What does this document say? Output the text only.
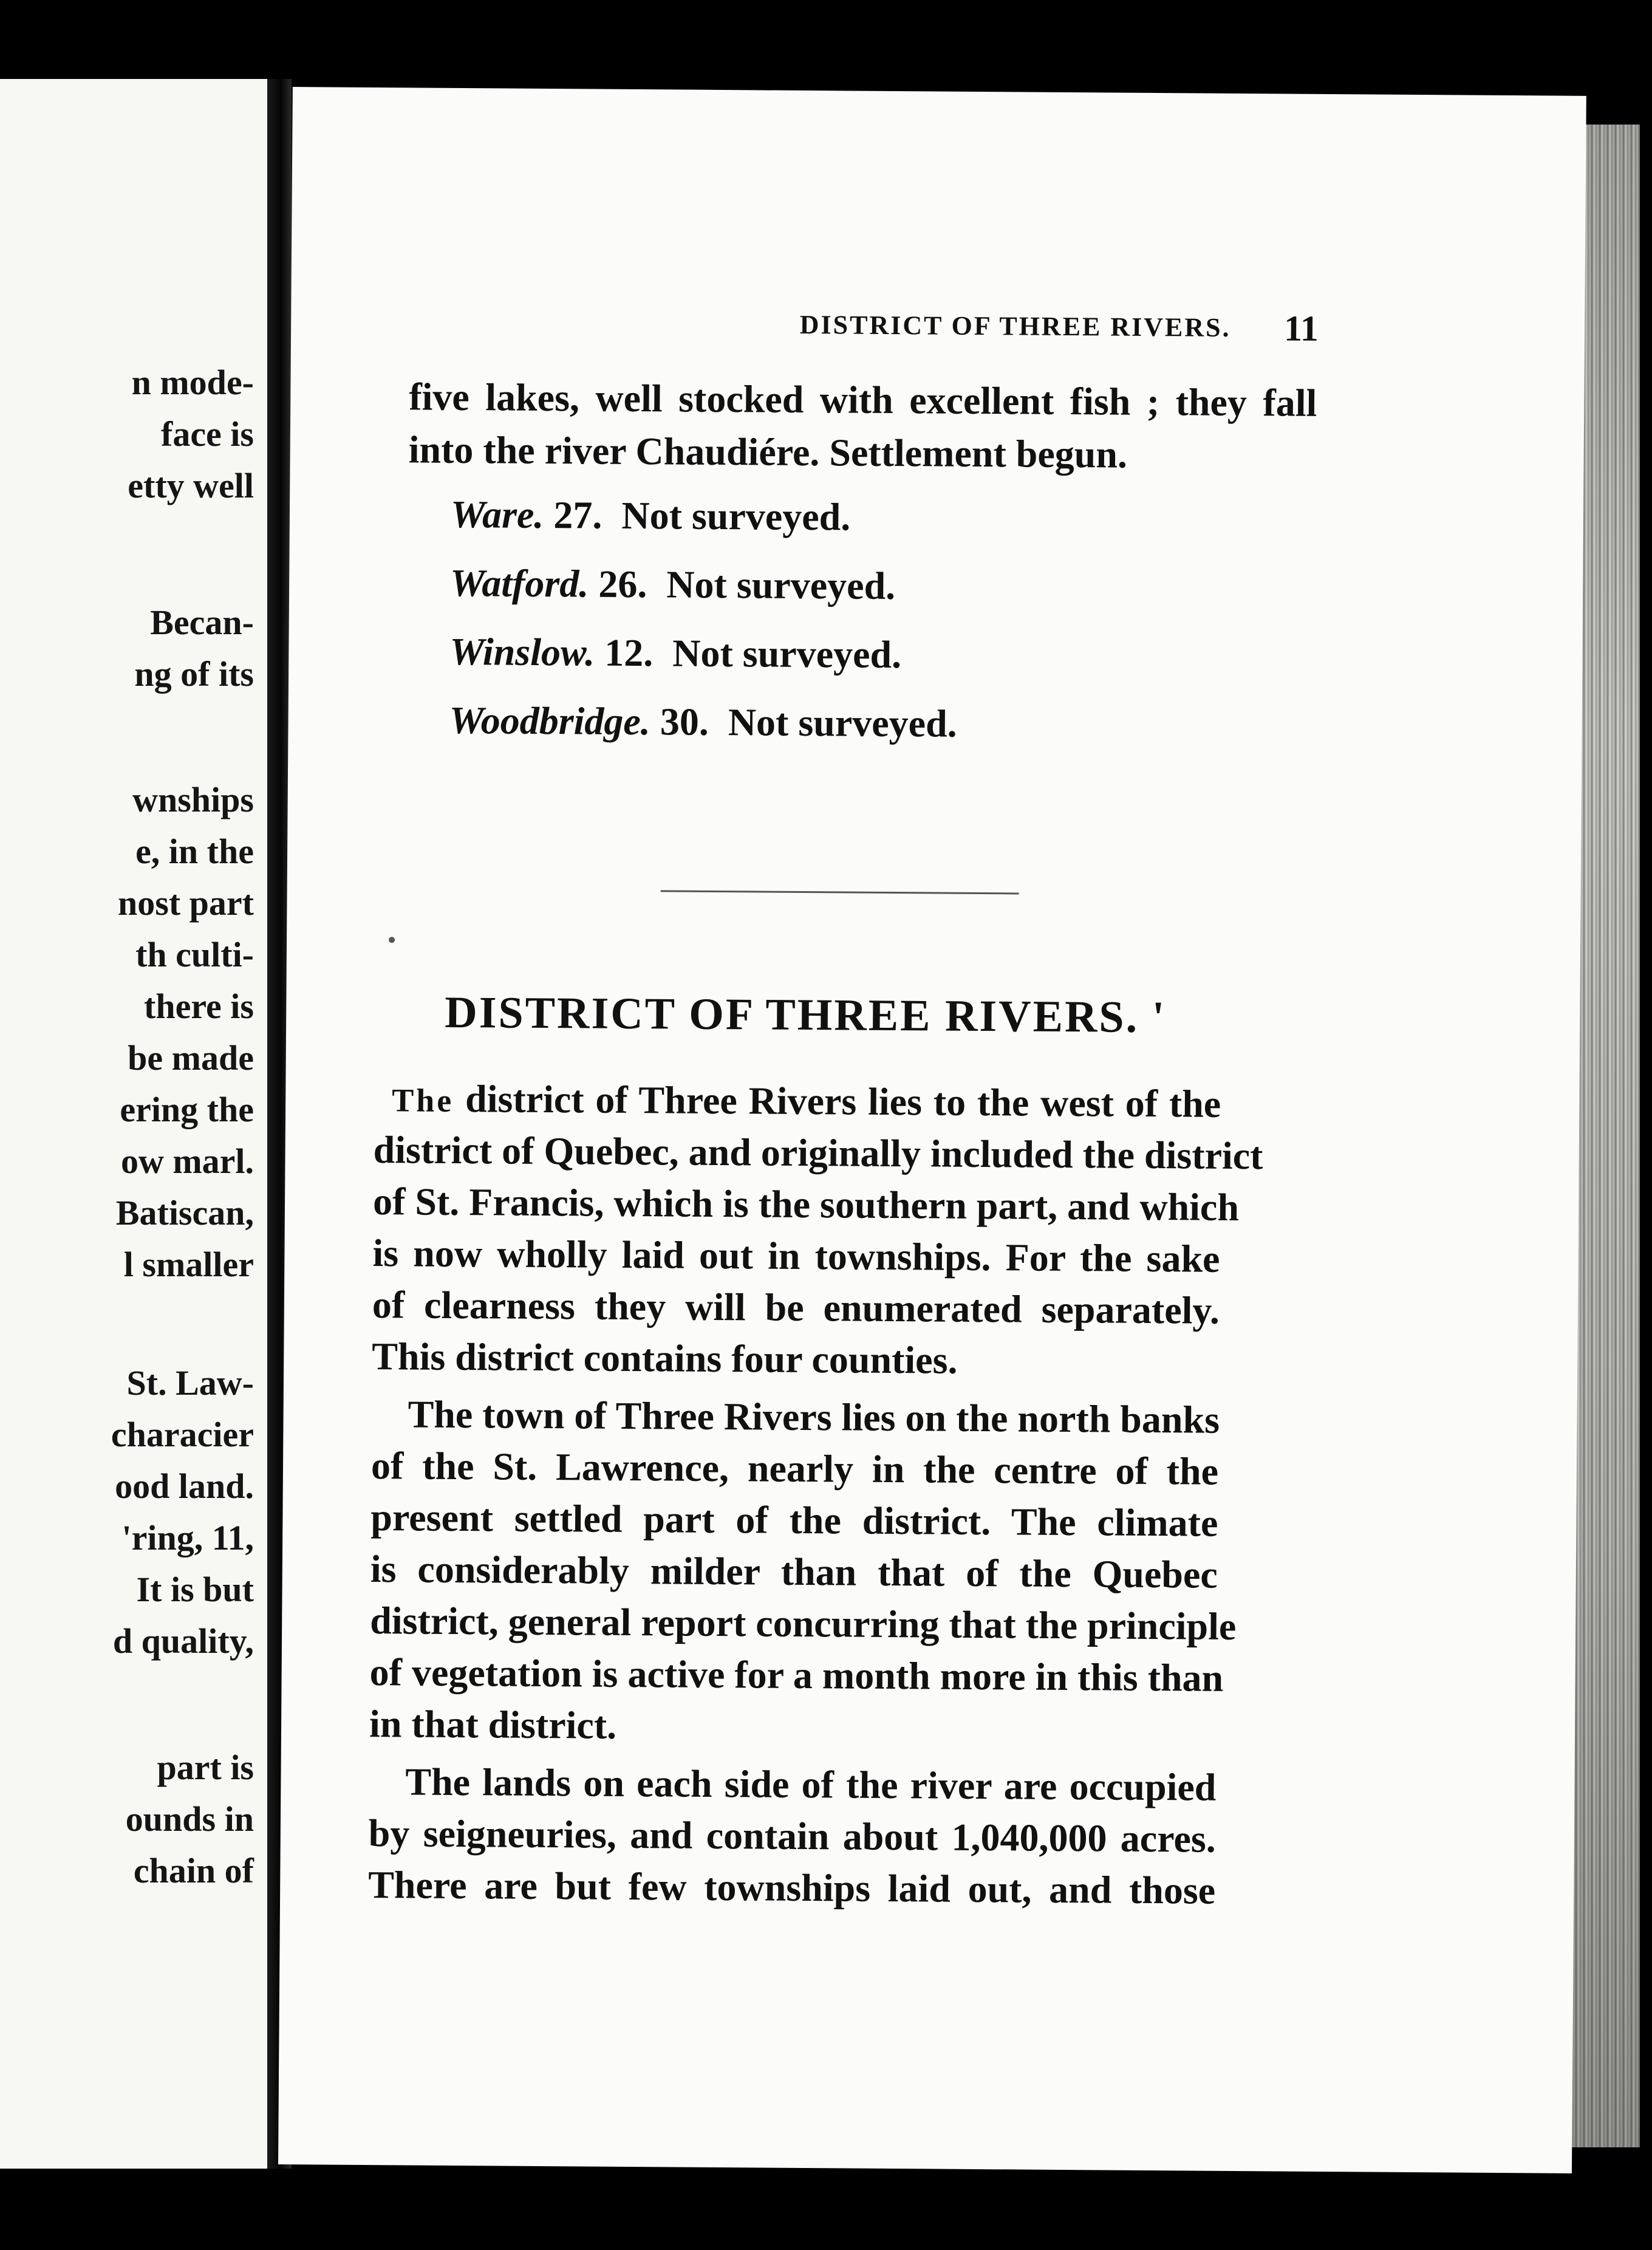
n mode-
face is
etty well
Becan-
ng of its
wnships
e, in the
nost part
th culti-
there is
be made
ering the
ow marl.
Batiscan,
l smaller
St. Law-
characier
ood land.
'ring, 11,
It is but
d quality,
part is
ounds in
chain of
DISTRICT OF THREE RIVERS.	11
five lakes, well stocked with excellent fish ; they fall
into the river Chaudiére. Settlement begun.
Ware. 27. Not surveyed.
Watford. 26. Not surveyed.
Winslow. 12. Not surveyed.
Woodbridge. 30. Not surveyed.
DISTRICT OF THREE RIVERS. '
The district of Three Rivers lies to the west of the
district of Quebec, and originally included the district
of St. Francis, which is the southern part, and which
is now wholly laid out in townships. For the sake
of clearness they will be enumerated separately.
This district contains four counties.
The town of Three Rivers lies on the north banks
of the St. Lawrence, nearly in the centre of the
present settled part of the district. The climate
is considerably milder than that of the Quebec
district, general report concurring that the principle
of vegetation is active for a month more in this than
in that district.
The lands on each side of the river are occupied
by seigneuries, and contain about 1,040,000 acres.
There are but few townships laid out, and those
